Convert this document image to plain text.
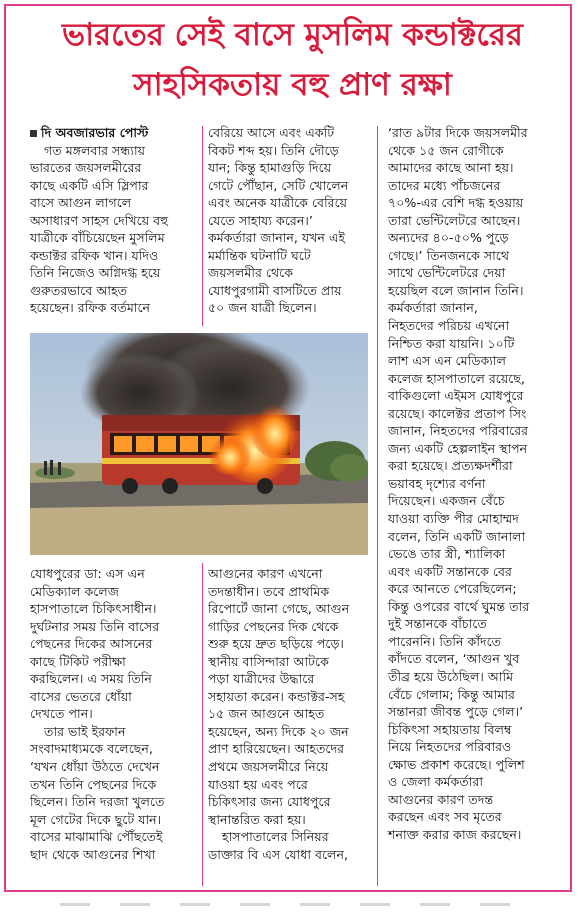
ভারতের সেই বাসে মুসলিম কন্ডাক্টরের
সাহসিকতায় বহু প্রাণ রক্ষা

দি অবজারভার পোস্ট

গত মঙ্গলবার সন্ধ্যায়

ভারতের জয়সলমীরের

কাছে একটি এসি স্লিপার

বাসে আগুন লাগলে

অসাধারণ সাহস দেখিয়ে বহু

যাত্রীকে বাঁচিয়েছেন মুসলিম

কন্ডাক্টর রফিক খান। যদিও

তিনি নিজেও অগ্নিদগ্ধ হয়ে

গুরুতরভাবে আহত

হয়েছেন। রফিক বর্তমানে

বেরিয়ে আসে এবং একটি

বিকট শব্দ হয়। তিনি দৌড়ে

যান; কিন্তু হামাগুড়ি দিয়ে

গেটে পৌঁছান, সেটি খোলেন

এবং অনেক যাত্রীকে বেরিয়ে

যেতে সাহায্য করেন।’

কর্মকর্তারা জানান, যখন এই

মর্মান্তিক ঘটনাটি ঘটে

জয়সলমীর থেকে

যোধপুরগামী বাসটিতে প্রায়

৫০ জন যাত্রী ছিলেন।

‘রাত ৯টার দিকে জয়সলমীর

থেকে ১৫ জন রোগীকে

আমাদের কাছে আনা হয়।

তাদের মধ্যে পাঁচজনের

৭০%-এর বেশি দগ্ধ হওয়ায়

তারা ভেন্টিলেটরে আছেন।

অন্যদের ৪০-৫০% পুড়ে

গেছে।’ তিনজনকে সাথে

সাথে ভেন্টিলেটরে দেয়া

হয়েছিল বলে জানান তিনি।

কর্মকর্তারা জানান,

নিহতদের পরিচয় এখনো

নিশ্চিত করা যায়নি। ১০টি

লাশ এস এন মেডিক্যাল

কলেজ হাসপাতালে রয়েছে,

বাকিগুলো এইমস যোধপুরে

রয়েছে। কালেক্টর প্রতাপ সিং

জানান, নিহতদের পরিবারের

জন্য একটি হেল্পলাইন স্থাপন

করা হয়েছে। প্রত্যক্ষদর্শীরা

ভয়াবহ দৃশ্যের বর্ণনা

দিয়েছেন। একজন বেঁচে

যাওয়া ব্যক্তি পীর মোহাম্মদ

বলেন, তিনি একটি জানালা

ভেঙে তার স্ত্রী, শ্যালিকা

এবং একটি সন্তানকে বের

করে আনতে পেরেছিলেন;

কিন্তু ওপরের বার্থে ঘুমন্ত তার

দুই সন্তানকে বাঁচাতে

পারেননি। তিনি কাঁদতে

কাঁদতে বলেন, ‘আগুন খুব

তীব্র হয়ে উঠেছিল। আমি

বেঁচে গেলাম; কিন্তু আমার

সন্তানরা জীবন্ত পুড়ে গেল।’

চিকিৎসা সহায়তায় বিলম্ব

নিয়ে নিহতদের পরিবারও

ক্ষোভ প্রকাশ করেছে। পুলিশ

ও জেলা কর্মকর্তারা

আগুনের কারণ তদন্ত

করছেন এবং সব মৃতের

শনাক্ত করার কাজ করছেন।

যোধপুরের ডা: এস এন

মেডিক্যাল কলেজ

হাসপাতালে চিকিৎসাধীন।

দুর্ঘটনার সময় তিনি বাসের

পেছনের দিকের আসনের

কাছে টিকিট পরীক্ষা

করছিলেন। এ সময় তিনি

বাসের ভেতরে ধোঁয়া

দেখতে পান।

তার ভাই ইরফান

সংবাদমাধ্যমকে বলেছেন,

‘যখন ধোঁয়া উঠতে দেখেন

তখন তিনি পেছনের দিকে

ছিলেন। তিনি দরজা খুলতে

মূল গেটের দিকে ছুটে যান।

বাসের মাঝামাঝি পৌঁছতেই

ছাদ থেকে আগুনের শিখা

আগুনের কারণ এখনো

তদন্তাধীন। তবে প্রাথমিক

রিপোর্টে জানা গেছে, আগুন

গাড়ির পেছনের দিক থেকে

শুরু হয়ে দ্রুত ছড়িয়ে পড়ে।

স্থানীয় বাসিন্দারা আটকে

পড়া যাত্রীদের উদ্ধারে

সহায়তা করেন। কন্ডাক্টর-সহ

১৫ জন আগুনে আহত

হয়েছেন, অন্য দিকে ২০ জন

প্রাণ হারিয়েছেন। আহতদের

প্রথমে জয়সলমীরে নিয়ে

যাওয়া হয় এবং পরে

চিকিৎসার জন্য যোধপুরে

স্থানান্তরিত করা হয়।

হাসপাতালের সিনিয়র

ডাক্তার বি এস যোধা বলেন,
